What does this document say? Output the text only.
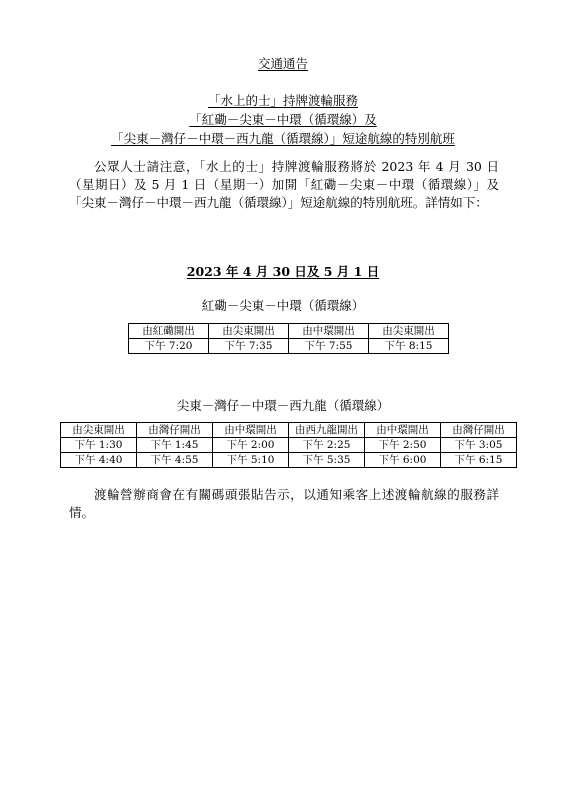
交通通告
「水上的士」持牌渡輪服務
「紅磡－尖東－中環（循環線）及
「尖東－灣仔－中環－西九龍（循環線）」短途航線的特別航班

公眾人士請注意，「水上的士」持牌渡輪服務將於 2023 年 4 月 30 日（星期日）及 5 月 1 日（星期一）加開「紅磡－尖東－中環（循環線）」及「尖東－灣仔－中環－西九龍（循環線）」短途航線的特別航班。詳情如下：

2023 年 4 月 30 日及 5 月 1 日
紅磡－尖東－中環（循環線）
由紅磡開出	由尖東開出	由中環開出	由尖東開出
下午 7:20	下午 7:35	下午 7:55	下午 8:15
尖東－灣仔－中環－西九龍（循環線）
由尖東開出	由灣仔開出	由中環開出	由西九龍開出	由中環開出	由灣仔開出
下午 1:30	下午 1:45	下午 2:00	下午 2:25	下午 2:50	下午 3:05
下午 4:40	下午 4:55	下午 5:10	下午 5:35	下午 6:00	下午 6:15

渡輪營辦商會在有關碼頭張貼告示，以通知乘客上述渡輪航線的服務詳情。
